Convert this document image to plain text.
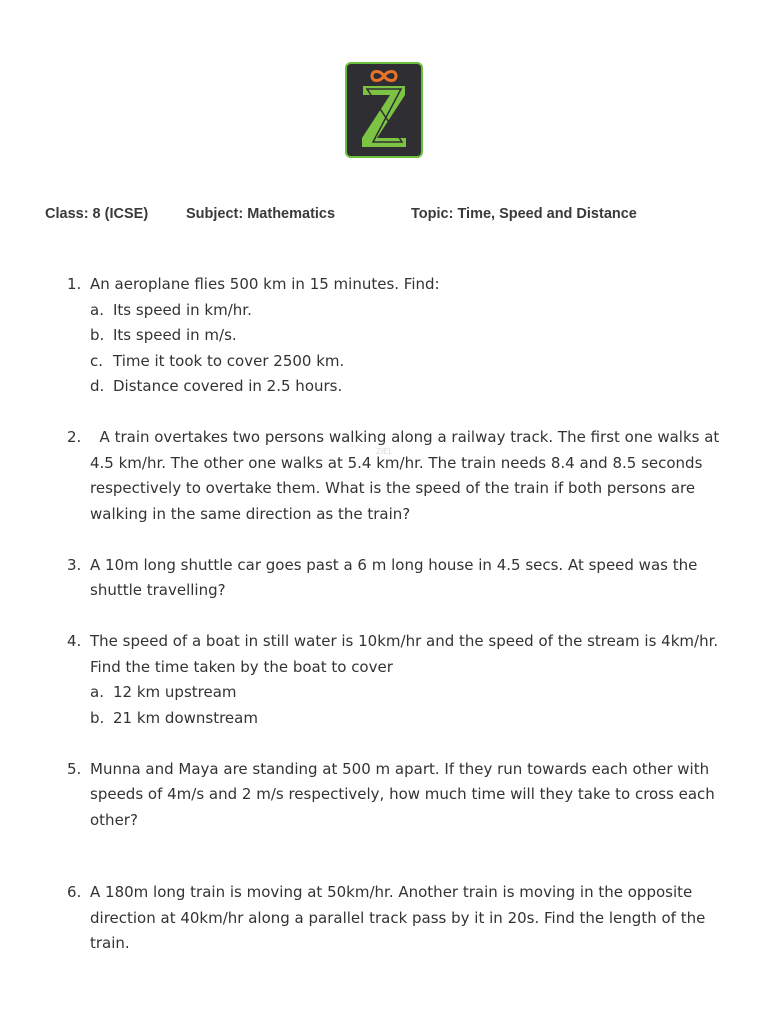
Class: 8 (ICSE)	Subject: Mathematics	Topic: Time, Speed and Distance
ZIEL
1. An aeroplane flies 500 km in 15 minutes. Find:
a. Its speed in km/hr.
b. Its speed in m/s.
c. Time it took to cover 2500 km.
d. Distance covered in 2.5 hours.
2. A train overtakes two persons walking along a railway track. The first one walks at 4.5 km/hr. The other one walks at 5.4 km/hr. The train needs 8.4 and 8.5 seconds respectively to overtake them. What is the speed of the train if both persons are walking in the same direction as the train?
3. A 10m long shuttle car goes past a 6 m long house in 4.5 secs. At speed was the shuttle travelling?
4. The speed of a boat in still water is 10km/hr and the speed of the stream is 4km/hr. Find the time taken by the boat to cover
a. 12 km upstream
b. 21 km downstream
5. Munna and Maya are standing at 500 m apart. If they run towards each other with speeds of 4m/s and 2 m/s respectively, how much time will they take to cross each other?
6. A 180m long train is moving at 50km/hr. Another train is moving in the opposite direction at 40km/hr along a parallel track pass by it in 20s. Find the length of the train.
